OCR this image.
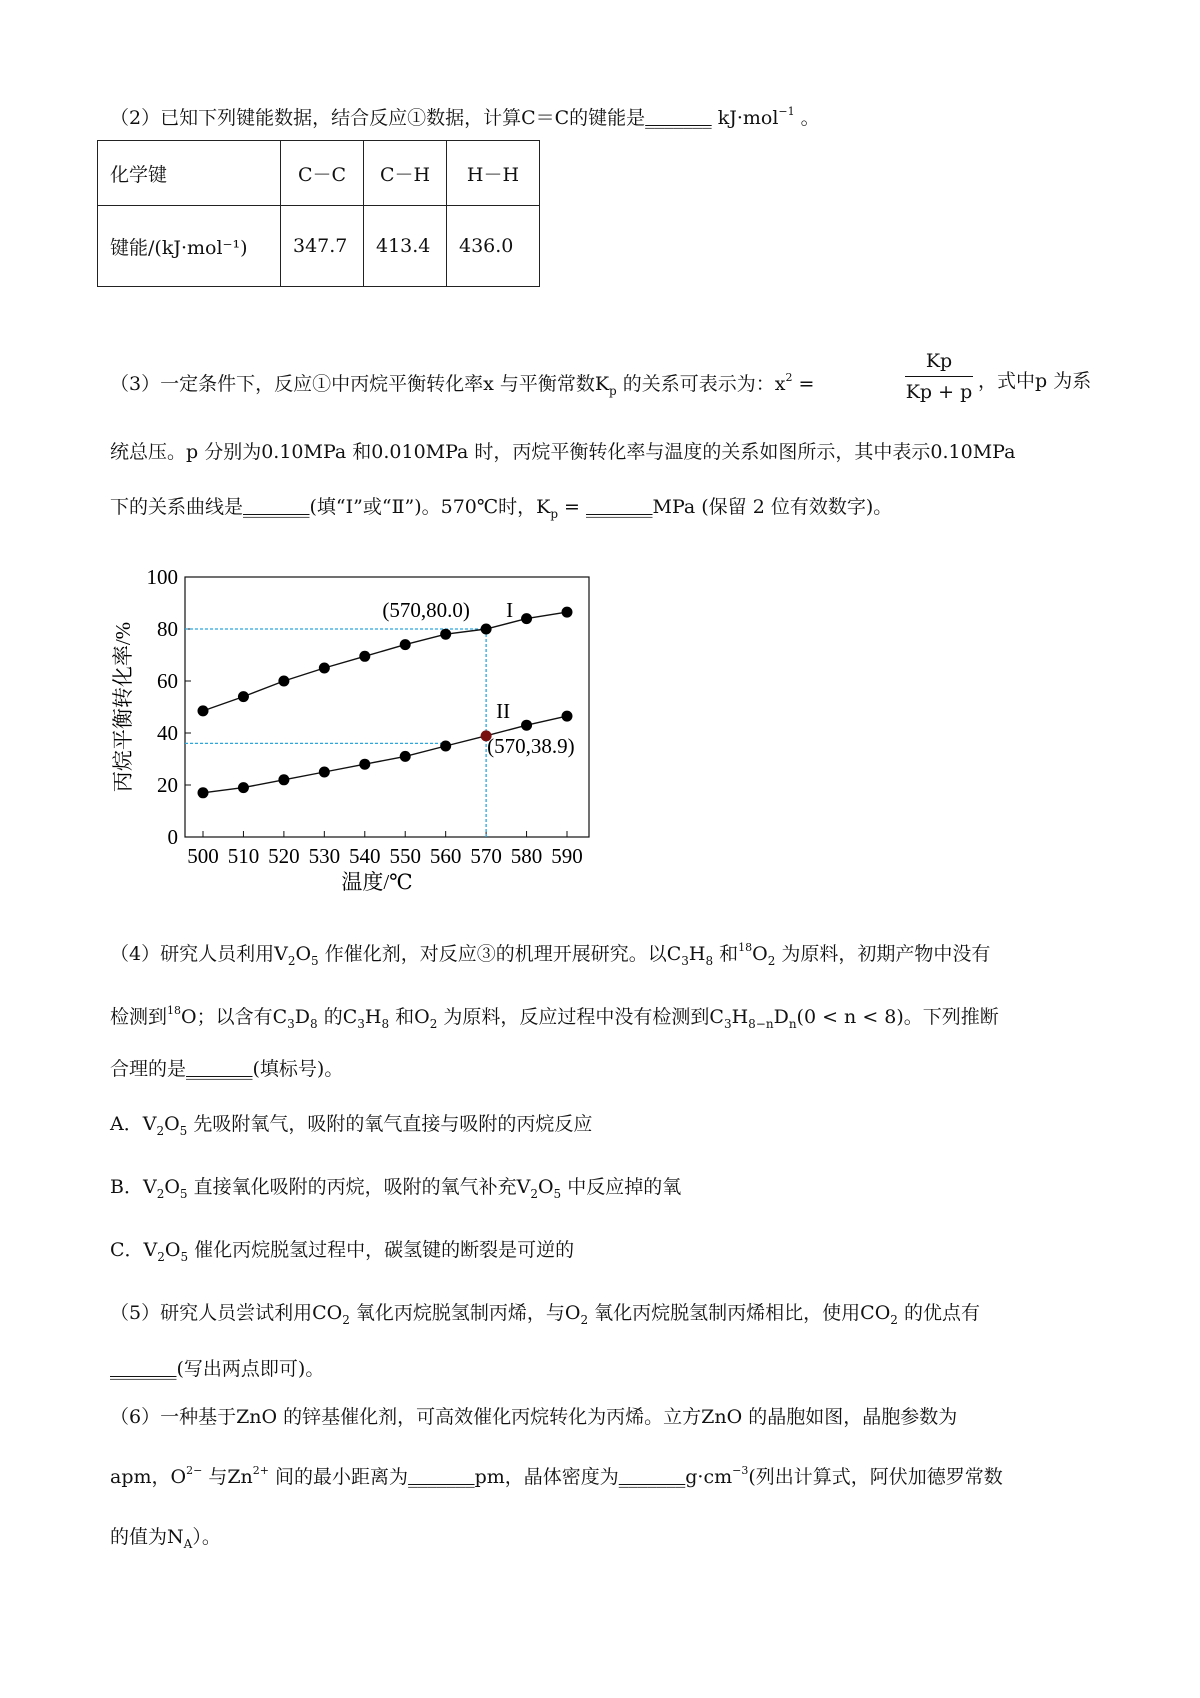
（2）已知下列键能数据，结合反应①数据，计算C＝C的键能是_______ kJ·mol$^{-1}$ 。
化学键	C－C	C－H	H－H
键能/(kJ·mol⁻¹)	347.7	413.4	436.0
（3）一定条件下，反应①中丙烷平衡转化率x 与平衡常数$K_p$ 的关系可表示为：$x^2$ =	$\frac{Kp}{Kp + p}$ ，式中p 为系
统总压。p 分别为0.10MPa 和0.010MPa 时，丙烷平衡转化率与温度的关系如图所示，其中表示0.10MPa
下的关系曲线是_______(填“Ⅰ”或“Ⅱ”)。570℃时，$K_p$ = _______MPa (保留 2 位有效数字)。
0
20
40
60
80
100
500 510 520 530 540 550 560 570 580 590
温度/℃
丙烷平衡转化率/%
(570,80.0) I
II
(570,38.9)
（4）研究人员利用$V_2O_5$ 作催化剂，对反应③的机理开展研究。以$C_3H_8$ 和$^{18}O_2$ 为原料，初期产物中没有
检测到$^{18}$O；以含有$C_3D_8$ 的$C_3H_8$ 和$O_2$ 为原料，反应过程中没有检测到$C_3H_{8-n}D_n(0 < n < 8)$。下列推断
合理的是_______(填标号)。
A．$V_2O_5$ 先吸附氧气，吸附的氧气直接与吸附的丙烷反应
B．$V_2O_5$ 直接氧化吸附的丙烷，吸附的氧气补充$V_2O_5$ 中反应掉的氧
C．$V_2O_5$ 催化丙烷脱氢过程中，碳氢键的断裂是可逆的
（5）研究人员尝试利用$CO_2$ 氧化丙烷脱氢制丙烯，与$O_2$ 氧化丙烷脱氢制丙烯相比，使用$CO_2$ 的优点有
_______(写出两点即可)。
（6）一种基于ZnO 的锌基催化剂，可高效催化丙烷转化为丙烯。立方ZnO 的晶胞如图，晶胞参数为
apm，$O^{2-}$ 与$Zn^{2+}$ 间的最小距离为_______pm，晶体密度为$\_\_\_\_\_\_\_g\cdot cm^{-3}$(列出计算式，阿伏加德罗常数
的值为$N_A$）。
